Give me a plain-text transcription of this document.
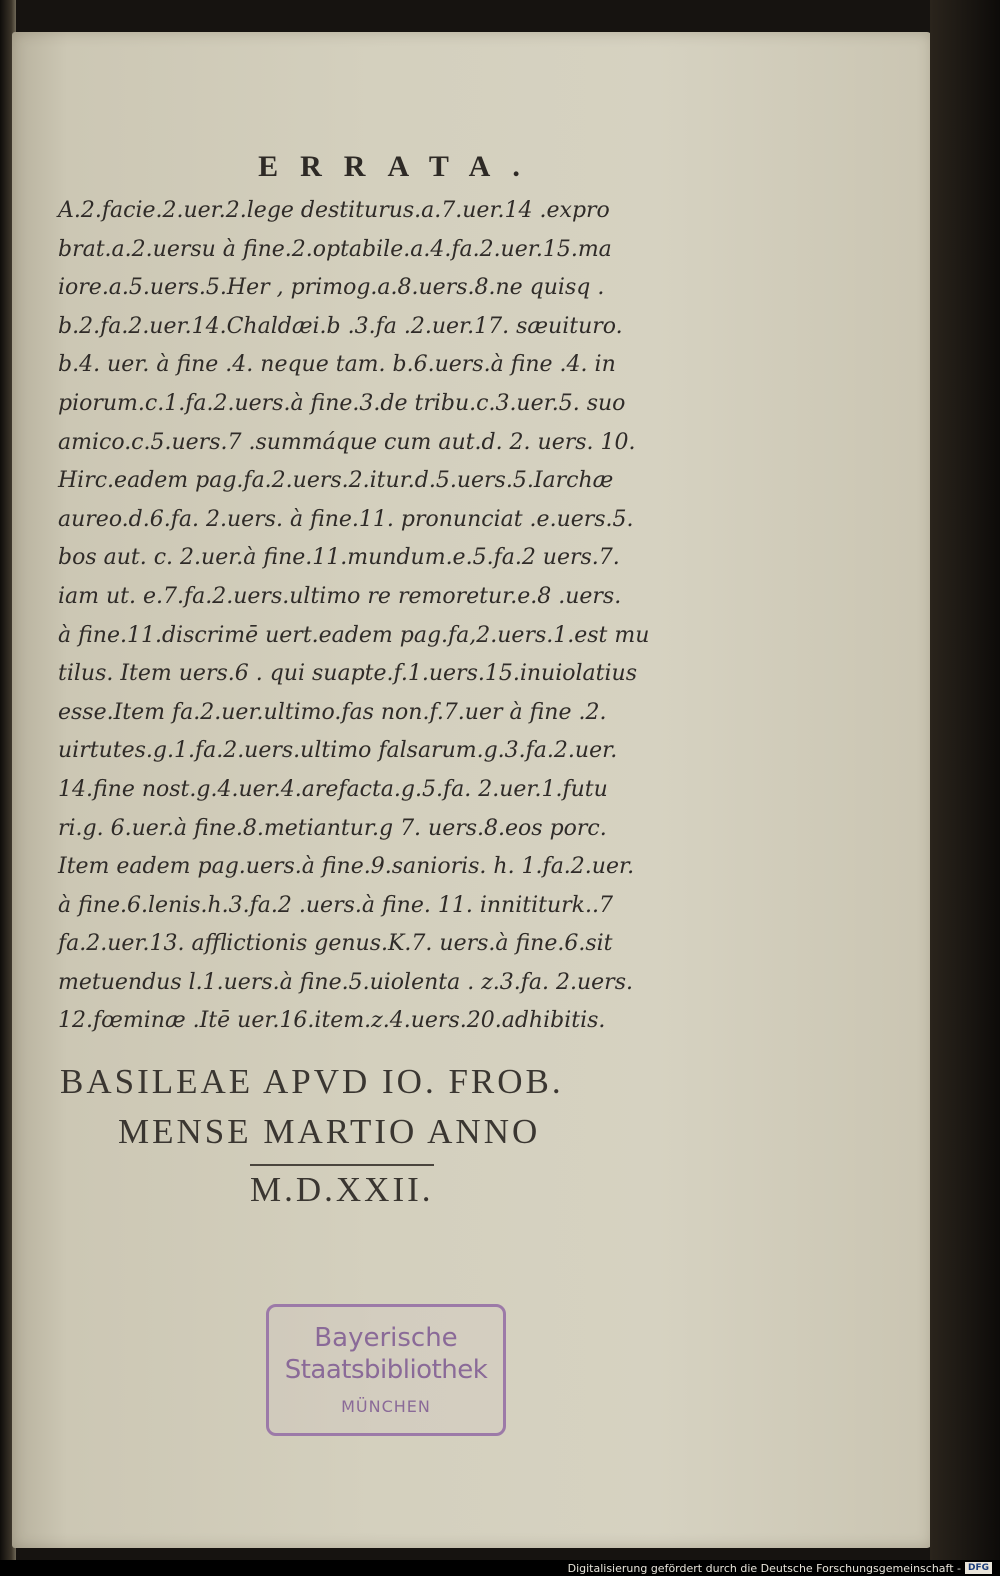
ERRATA.
A.2.facie.2.uer.2.lege destiturus.a.7.uer.14 .expro
brat.a.2.uersu à fine.2.optabile.a.4.fa.2.uer.15.ma
iore.a.5.uers.5.Her , primog.a.8.uers.8.ne quisq .
b.2.fa.2.uer.14.Chaldæi.b .3.fa .2.uer.17. sæuituro.
b.4. uer. à fine .4. neque tam. b.6.uers.à fine .4. in
piorum.c.1.fa.2.uers.à fine.3.de tribu.c.3.uer.5. suo
amico.c.5.uers.7 .summáque cum aut.d. 2. uers. 10.
Hirc.eadem pag.fa.2.uers.2.itur.d.5.uers.5.Iarchæ
aureo.d.6.fa. 2.uers. à fine.11. pronunciat .e.uers.5.
bos aut. c. 2.uer.à fine.11.mundum.e.5.fa.2 uers.7.
iam ut. e.7.fa.2.uers.ultimo re remoretur.e.8 .uers.
à fine.11.discrimē uert.eadem pag.fa,2.uers.1.est mu
tilus. Item uers.6 . qui suapte.f.1.uers.15.inuiolatius
esse.Item fa.2.uer.ultimo.fas non.f.7.uer à fine .2.
uirtutes.g.1.fa.2.uers.ultimo falsarum.g.3.fa.2.uer.
14.fine nost.g.4.uer.4.arefacta.g.5.fa. 2.uer.1.futu
ri.g. 6.uer.à fine.8.metiantur.g 7. uers.8.eos porc.
Item eadem pag.uers.à fine.9.sanioris. h. 1.fa.2.uer.
à fine.6.lenis.h.3.fa.2 .uers.à fine. 11. innititurk..7
fa.2.uer.13. afflictionis genus.K.7. uers.à fine.6.sit
metuendus l.1.uers.à fine.5.uiolenta . z.3.fa. 2.uers.
12.fœminæ .Itē uer.16.item.z.4.uers.20.adhibitis.
BASILEAE APVD IO. FROB.
MENSE MARTIO ANNO
M.D.XXII.
Bayerische
Staatsbibliothek
MÜNCHEN
Digitalisierung gefördert durch die Deutsche Forschungsgemeinschaft - DFG
